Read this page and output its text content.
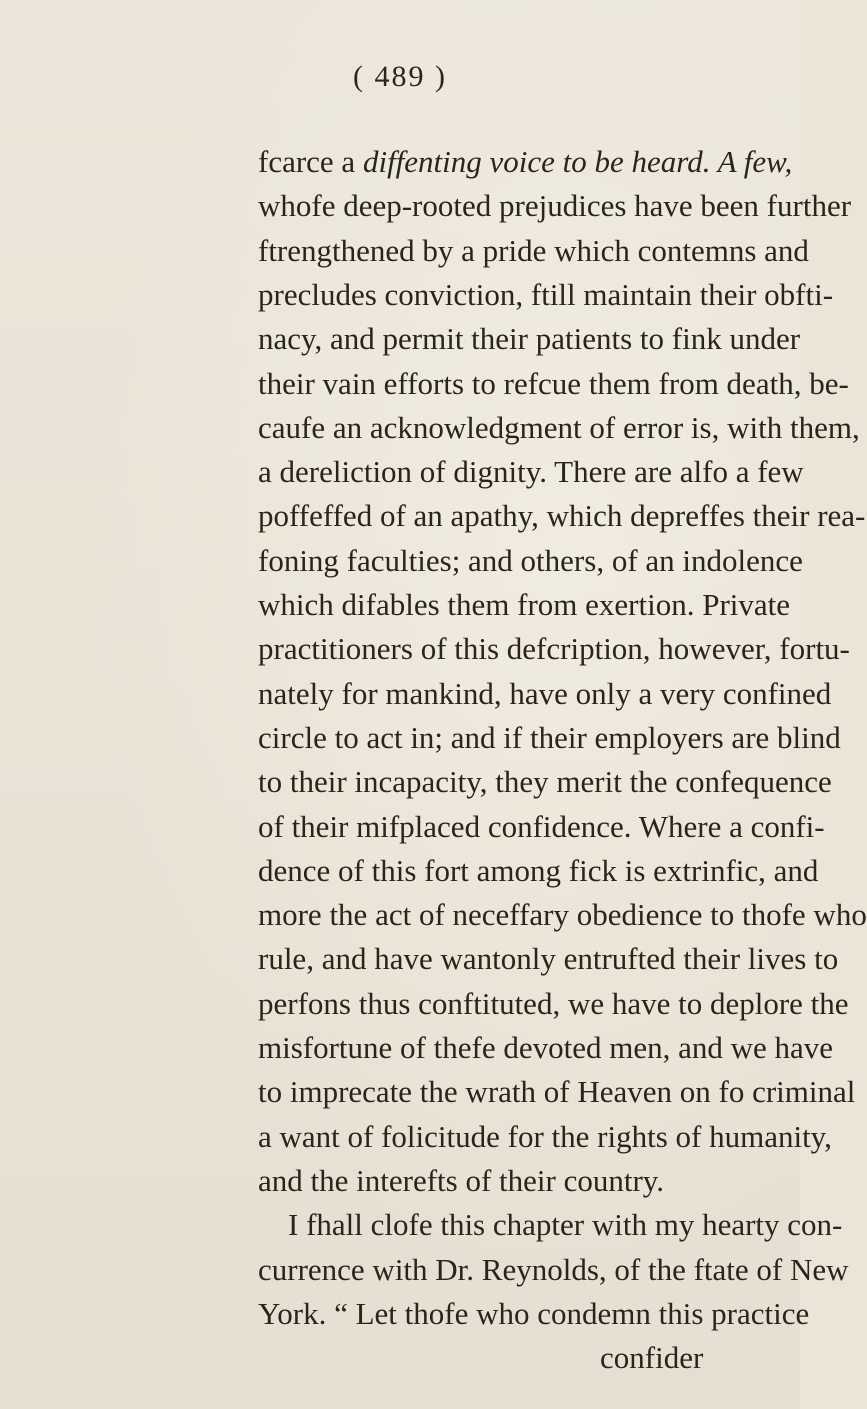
( 489 )
fcarce a diffenting voice to be heard. A few,
whofe deep-rooted prejudices have been further
ftrengthened by a pride which contemns and
precludes conviction, ftill maintain their obfti-
nacy, and permit their patients to fink under
their vain efforts to refcue them from death, be-
caufe an acknowledgment of error is, with them,
a dereliction of dignity. There are alfo a few
poffeffed of an apathy, which depreffes their rea-
foning faculties; and others, of an indolence
which difables them from exertion. Private
practitioners of this defcription, however, fortu-
nately for mankind, have only a very confined
circle to act in; and if their employers are blind
to their incapacity, they merit the confequence
of their mifplaced confidence. Where a confi-
dence of this fort among fick is extrinfic, and
more the act of neceffary obedience to thofe who
rule, and have wantonly entrufted their lives to
perfons thus conftituted, we have to deplore the
misfortune of thefe devoted men, and we have
to imprecate the wrath of Heaven on fo criminal
a want of folicitude for the rights of humanity,
and the interefts of their country.
I fhall clofe this chapter with my hearty con-
currence with Dr. Reynolds, of the ftate of New
York. “ Let thofe who condemn this practice
confider
